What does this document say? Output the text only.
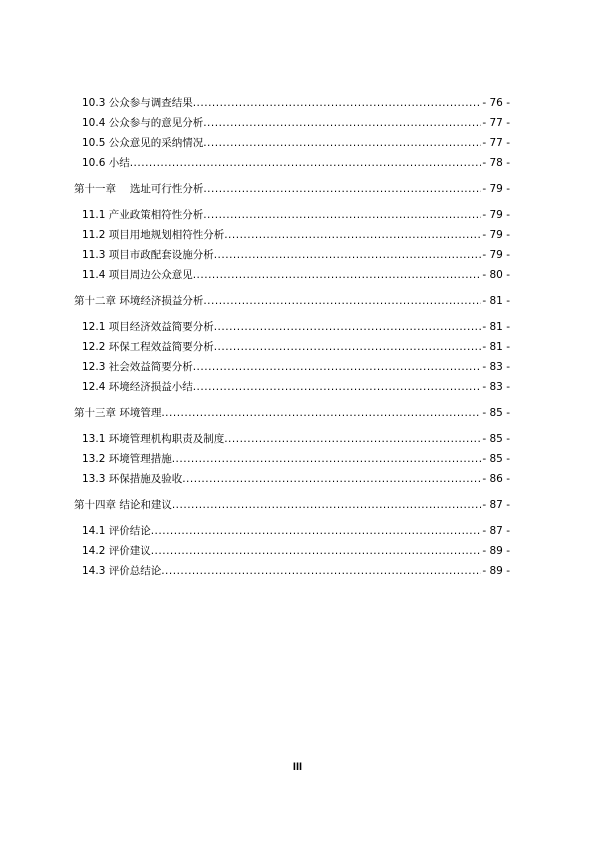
10.3 公众参与调查结果 .....	- 76 -
10.4 公众参与的意见分析 .....	- 77 -
10.5 公众意见的采纳情况 .....	- 77 -
10.6 小结 .....	- 78 -
第十一章　 选址可行性分析 .....	- 79 -
11.1 产业政策相符性分析 .....	- 79 -
11.2 项目用地规划相符性分析 .....	- 79 -
11.3 项目市政配套设施分析 .....	- 79 -
11.4 项目周边公众意见 .....	- 80 -
第十二章 环境经济损益分析 .....	- 81 -
12.1 项目经济效益简要分析 .....	- 81 -
12.2 环保工程效益简要分析 .....	- 81 -
12.3 社会效益简要分析 .....	- 83 -
12.4 环境经济损益小结 .....	- 83 -
第十三章 环境管理 .....	- 85 -
13.1 环境管理机构职责及制度 .....	- 85 -
13.2 环境管理措施 .....	- 85 -
13.3 环保措施及验收 .....	- 86 -
第十四章 结论和建议 .....	- 87 -
14.1 评价结论 .....	- 87 -
14.2 评价建议 .....	- 89 -
14.3 评价总结论 .....	- 89 -
III
